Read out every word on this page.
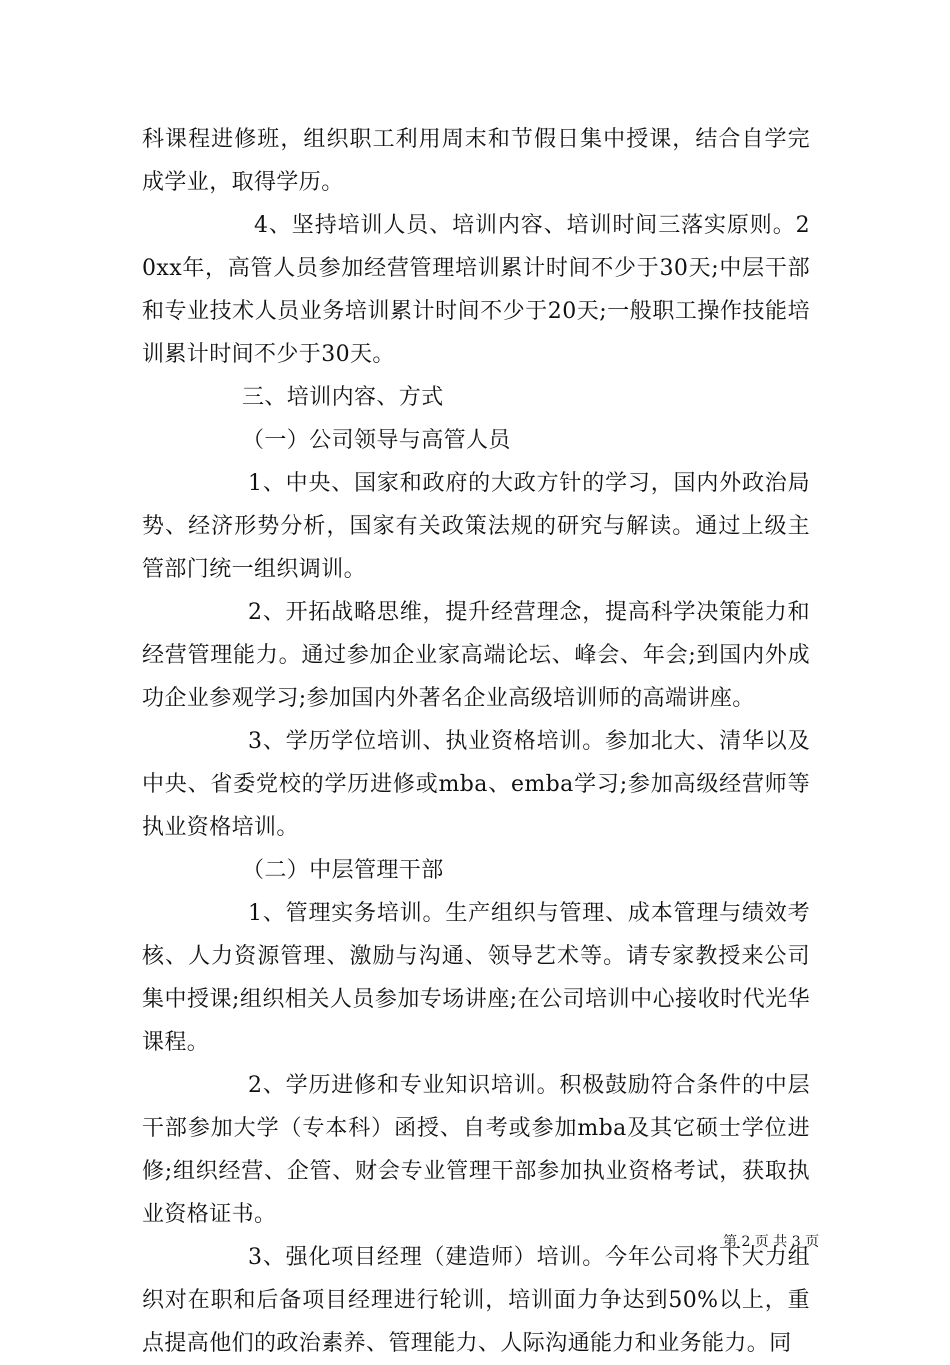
科课程进修班，组织职工利用周末和节假日集中授课，结合自学完成学业，取得学历。

4、坚持培训人员、培训内容、培训时间三落实原则。20xx年，高管人员参加经营管理培训累计时间不少于30天;中层干部和专业技术人员业务培训累计时间不少于20天;一般职工操作技能培训累计时间不少于30天。

三、培训内容、方式

（一）公司领导与高管人员

1、中央、国家和政府的大政方针的学习，国内外政治局势、经济形势分析，国家有关政策法规的研究与解读。通过上级主管部门统一组织调训。

2、开拓战略思维，提升经营理念，提高科学决策能力和经营管理能力。通过参加企业家高端论坛、峰会、年会;到国内外成功企业参观学习;参加国内外著名企业高级培训师的高端讲座。

3、学历学位培训、执业资格培训。参加北大、清华以及中央、省委党校的学历进修或mba、emba学习;参加高级经营师等执业资格培训。

（二）中层管理干部

1、管理实务培训。生产组织与管理、成本管理与绩效考核、人力资源管理、激励与沟通、领导艺术等。请专家教授来公司集中授课;组织相关人员参加专场讲座;在公司培训中心接收时代光华课程。

2、学历进修和专业知识培训。积极鼓励符合条件的中层干部参加大学（专本科）函授、自考或参加mba及其它硕士学位进修;组织经营、企管、财会专业管理干部参加执业资格考试，获取执业资格证书。

3、强化项目经理（建造师）培训。今年公司将下大力组织对在职和后备项目经理进行轮训，培训面力争达到50%以上，重点提高他们的政治素养、管理能力、人际沟通能力和业务能力。同

第 2 页 共 3 页
